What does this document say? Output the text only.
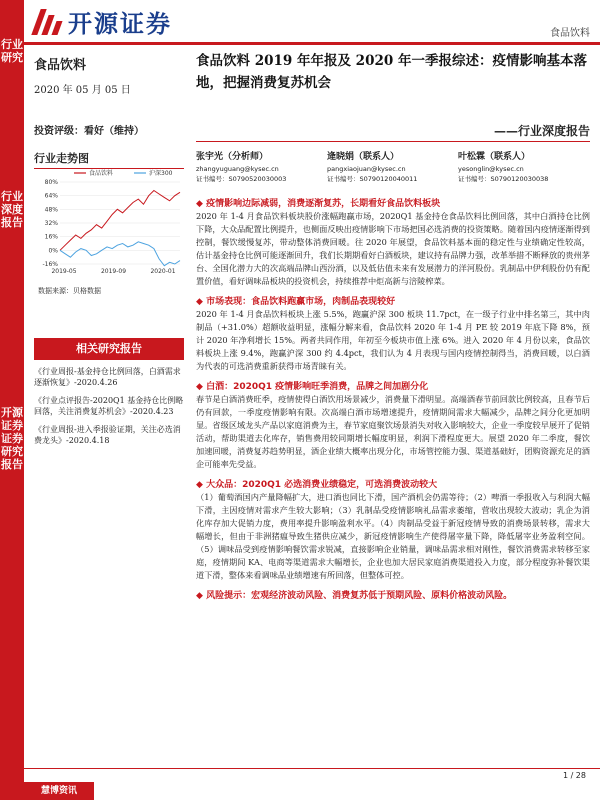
行业研究
行业深度报告
开源证券 证券研究报告
开源证券	食品饮料
食品饮料
2020 年 05 月 05 日
投资评级：看好（维持）
行业走势图
80%
64%
48%
32%
16%
0%
-16%
2019-05	2019-09	2020-01
食品饮料	沪深300
数据来源：贝格数据
相关研究报告
《行业周报-基金持仓比例回落，白酒需求逐渐恢复》-2020.4.26
《行业点评报告-2020Q1 基金持仓比例略回落，关注消费复苏机会》-2020.4.23
《行业周报-进入季报验证期，关注必选消费龙头》-2020.4.18
食品饮料 2019 年年报及 2020 年一季报综述：疫情影响基本落地，把握消费复苏机会
——行业深度报告
张宇光（分析师）
zhangyuguang@kysec.cn
证书编号：S0790520030003
逄晓娟（联系人）
pangxiaojuan@kysec.cn
证书编号：S0790120040011
叶松霖（联系人）
yesonglin@kysec.cn
证书编号：S0790120030038
◆ 疫情影响边际减弱，消费逐渐复苏，长期看好食品饮料板块
2020 年 1-4 月食品饮料板块股价涨幅跑赢市场，2020Q1 基金持仓食品饮料比例回落，其中白酒持仓比例下降，大众品配置比例提升，也侧面反映出疫情影响下市场把国必选消费的投资策略。随着国内疫情逐渐得到控制，餐饮缓慢复苏，带动整体消费回暖。往 2020 年展望，食品饮料基本面的稳定性与业绩确定性较高，估计基金持仓比例可能逐渐回升，我们长期期看好白酒板块，建议持有品牌力强，改革举措不断释放的贵州茅台、全国化潜力大的次高端品牌山西汾酒，以及低估值未来有发展潜力的洋河股份。乳制品中伊利股份仍有配置价值，看好调味品板块的投资机会，持续推荐中炬高新与涪陵榨菜。
◆ 市场表现：食品饮料跑赢市场，肉制品表现较好
2020 年 1-4 月食品饮料板块上涨 5.5%，跑赢沪深 300 板块 11.7pct，在一级子行业中排名第三，其中肉制品（+31.0%）超额收益明显，涨幅分解来看，食品饮料 2020 年 1-4 月 PE 较 2019 年底下降 8%，预计 2020 年净利增长 15%。两者共同作用，年初至今板块市值上涨 6%。进入 2020 年 4 月份以来，食品饮料板块上涨 9.4%，跑赢沪深 300 约 4.4pct，我们认为 4 月表现与国内疫情控制得当，消费回暖，以白酒为代表的可选消费重新获得市场青睐有关。
◆ 白酒：2020Q1 疫情影响旺季消费，品牌之间加剧分化
春节是白酒消费旺季，疫情使得白酒饮用场景减少，消费量下滑明显。高端酒春节前回款比例较高，且春节后仍有回款，一季度疫情影响有限。次高端白酒市场增速提升，疫情期间需求大幅减少，品牌之间分化更加明显。省级区域龙头产品以家庭消费为主，春节家庭聚饮场景消失对收入影响较大，企业一季度较早展开了促销活动，帮助渠道去化库存，销售费用较同期增长幅度明显，利润下滑程度更大。展望 2020 年二季度，餐饮加速回暖，消费复苏趋势明显，酒企业绩大概率出现分化，市场管控能力强、渠道基础好，团购资源充足的酒企可能率先受益。
◆ 大众品：2020Q1 必选消费业绩稳定，可选消费波动较大
（1）葡萄酒国内产量降幅扩大，进口酒也同比下滑，国产酒机会仍需等待；（2）啤酒一季报收入与利润大幅下滑，主因疫情对需求产生较大影响；（3）乳制品受疫情影响礼品需求萎缩，营收出现较大波动；乳企为消化库存加大促销力度，费用率提升影响盈利水平。（4）肉制品受益于新冠疫情导致的消费场景转移，需求大幅增长，但由于非洲猪瘟导致生猪供应减少，新冠疫情影响生产使得屠宰量下降，降低屠宰业务盈利空间。（5）调味品受到疫情影响餐饮需求锐减，直接影响企业销量，调味品需求相对刚性，餐饮消费需求转移至家庭，疫情期间 KA、电商等渠道需求大幅增长，企业也加大居民家庭消费渠道投入力度，部分程度弥补餐饮渠道下滑，整体来看调味品业绩增速有所回落，但整体可控。
◆ 风险提示：宏观经济波动风险、消费复苏低于预期风险、原料价格波动风险。
1 / 28
慧博资讯
